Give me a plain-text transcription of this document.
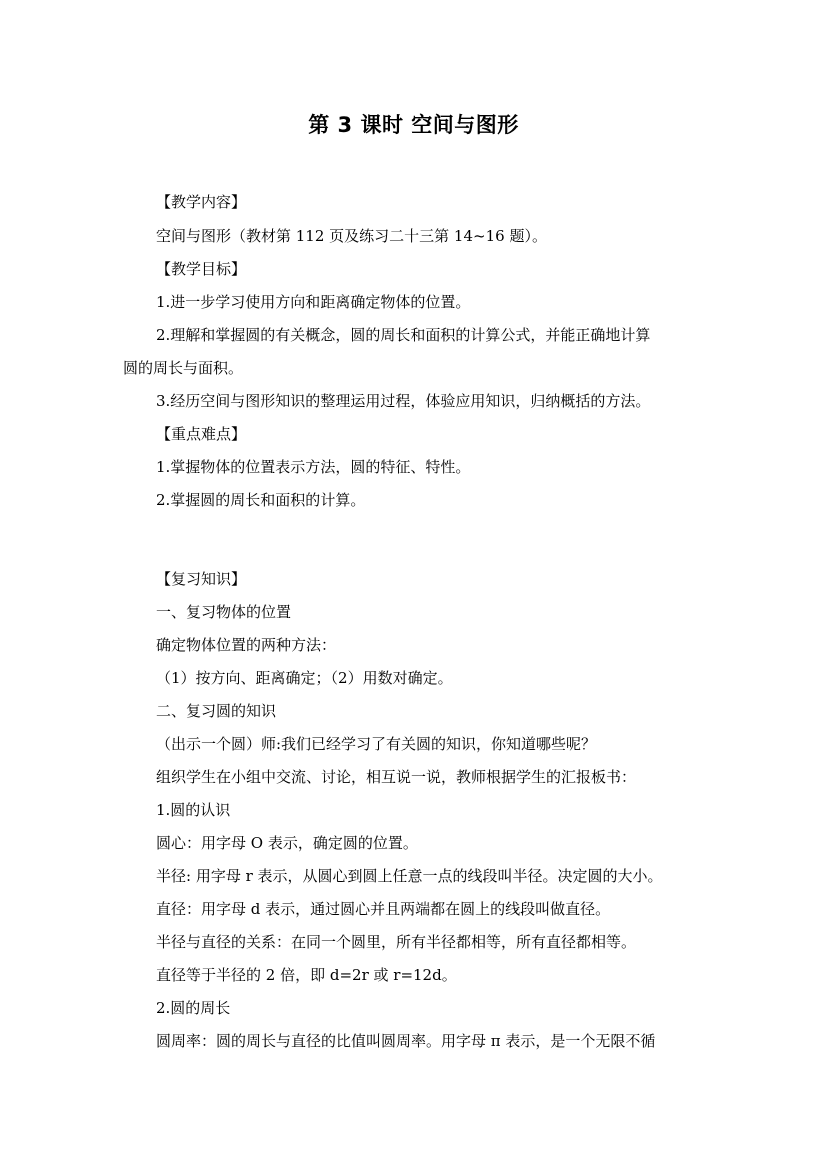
第 3 课时 空间与图形
【教学内容】
空间与图形（教材第 112 页及练习二十三第 14~16 题）。
【教学目标】
1.进一步学习使用方向和距离确定物体的位置。
2.理解和掌握圆的有关概念，圆的周长和面积的计算公式，并能正确地计算
圆的周长与面积。
3.经历空间与图形知识的整理运用过程，体验应用知识，归纳概括的方法。
【重点难点】
1.掌握物体的位置表示方法，圆的特征、特性。
2.掌握圆的周长和面积的计算。
【复习知识】
一、复习物体的位置
确定物体位置的两种方法：
（1）按方向、距离确定；（2）用数对确定。
二、复习圆的知识
（出示一个圆）师:我们已经学习了有关圆的知识，你知道哪些呢？
组织学生在小组中交流、讨论，相互说一说，教师根据学生的汇报板书：
1.圆的认识
圆心：用字母 O 表示，确定圆的位置。
半径: 用字母 r 表示，从圆心到圆上任意一点的线段叫半径。决定圆的大小。
直径：用字母 d 表示，通过圆心并且两端都在圆上的线段叫做直径。
半径与直径的关系：在同一个圆里，所有半径都相等，所有直径都相等。
直径等于半径的 2 倍，即 d=2r 或 r=12d。
2.圆的周长
圆周率：圆的周长与直径的比值叫圆周率。用字母 π 表示，是一个无限不循
